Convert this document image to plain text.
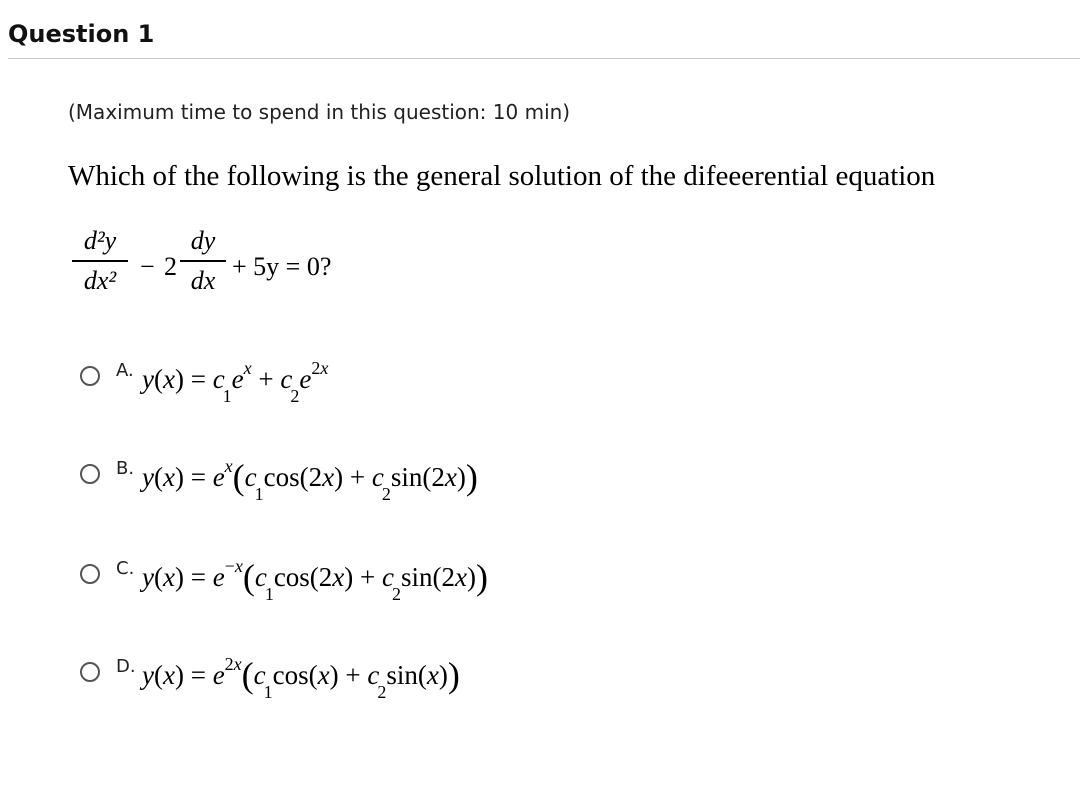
Question 1
(Maximum time to spend in this question: 10 min)
Which of the following is the general solution of the difeeerential equation
d²y
dx² − 2
dy
dx + 5y = 0?
A. $y(x) = c_1e^x + c_2e^{2x}$
B. $y(x) = e^x(c_1\cos(2x) + c_2\sin(2x))$
C. $y(x) = e^{-x}(c_1\cos(2x) + c_2\sin(2x))$
D. $y(x) = e^{2x}(c_1\cos(x) + c_2\sin(x))$
